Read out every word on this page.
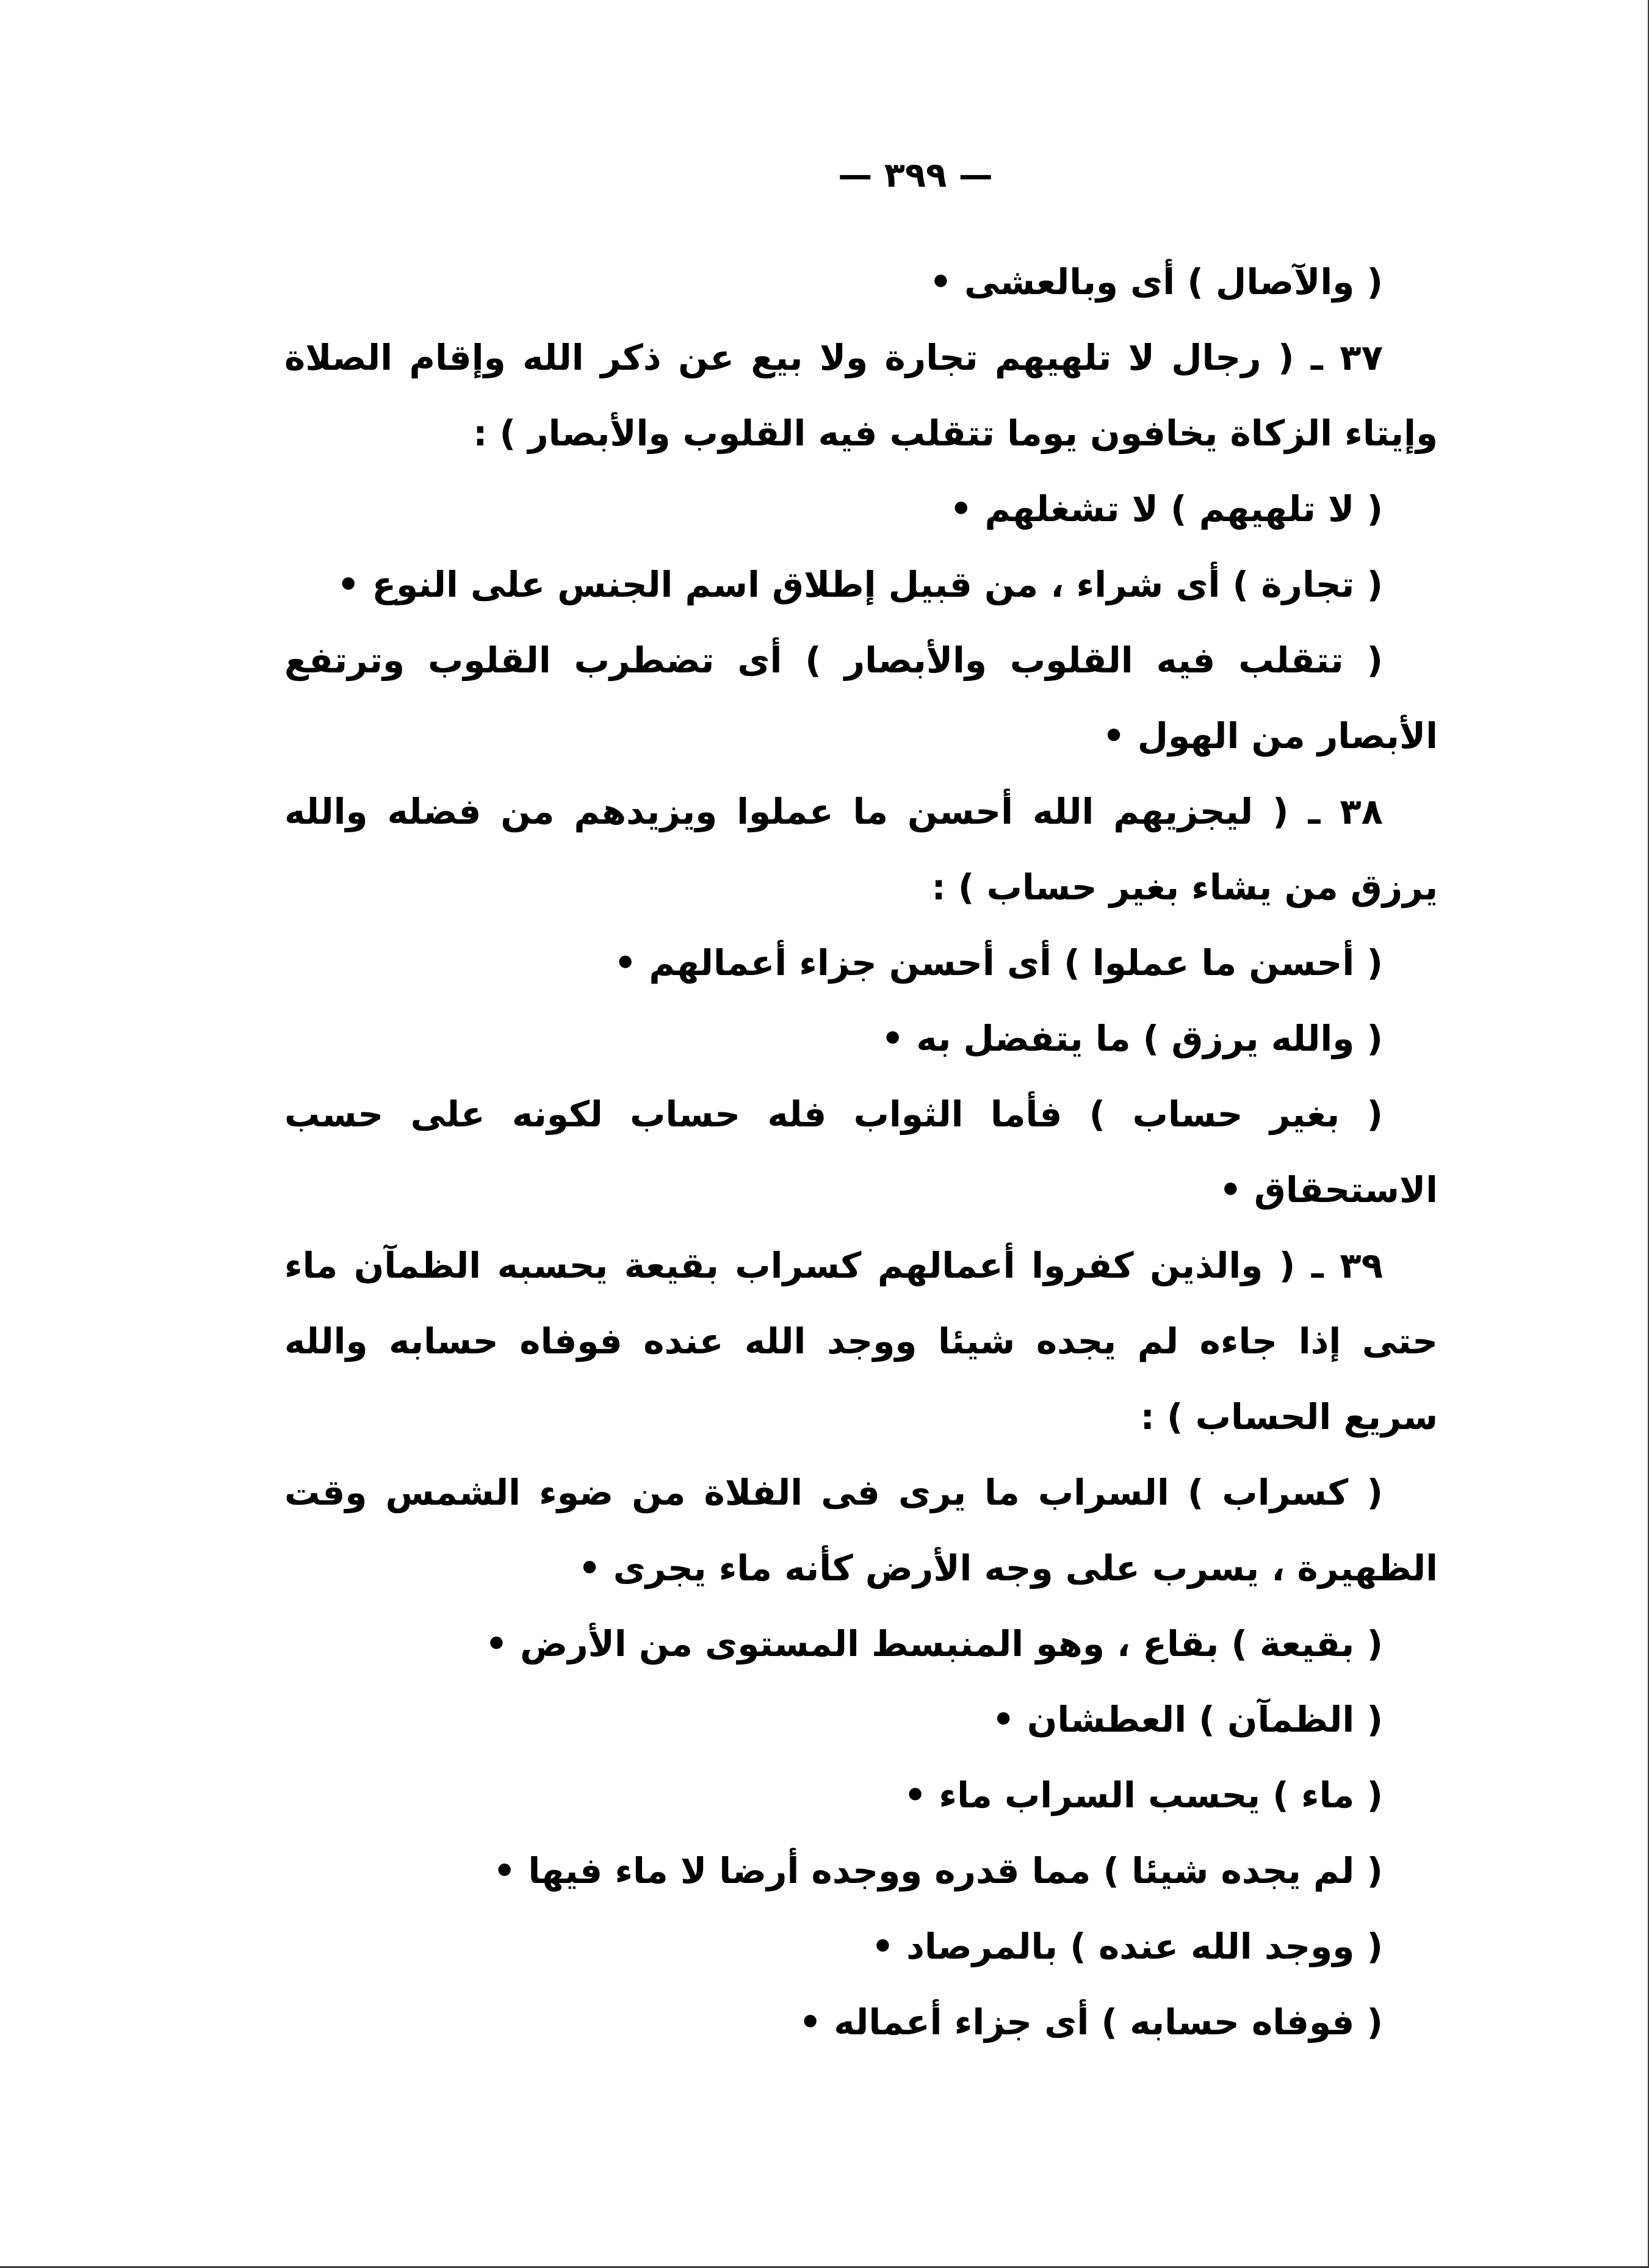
— ٣٩٩ —

( والآصال ) أى وبالعشى •

٣٧ ـ ( رجال لا تلهيهم تجارة ولا بيع عن ذكر الله وإقام الصلاة وإيتاء الزكاة يخافون يوما تتقلب فيه القلوب والأبصار ) :

( لا تلهيهم ) لا تشغلهم •

( تجارة ) أى شراء ، من قبيل إطلاق اسم الجنس على النوع •

( تتقلب فيه القلوب والأبصار ) أى تضطرب القلوب وترتفع الأبصار من الهول •

٣٨ ـ ( ليجزيهم الله أحسن ما عملوا ويزيدهم من فضله والله يرزق من يشاء بغير حساب ) :

( أحسن ما عملوا ) أى أحسن جزاء أعمالهم •

( والله يرزق ) ما يتفضل به •

( بغير حساب ) فأما الثواب فله حساب لكونه على حسب الاستحقاق •

٣٩ ـ ( والذين كفروا أعمالهم كسراب بقيعة يحسبه الظمآن ماء حتى إذا جاءه لم يجده شيئا ووجد الله عنده فوفاه حسابه والله سريع الحساب ) :

( كسراب ) السراب ما يرى فى الفلاة من ضوء الشمس وقت الظهيرة ، يسرب على وجه الأرض كأنه ماء يجرى •

( بقيعة ) بقاع ، وهو المنبسط المستوى من الأرض •

( الظمآن ) العطشان •

( ماء ) يحسب السراب ماء •

( لم يجده شيئا ) مما قدره ووجده أرضا لا ماء فيها •

( ووجد الله عنده ) بالمرصاد •

( فوفاه حسابه ) أى جزاء أعماله •
